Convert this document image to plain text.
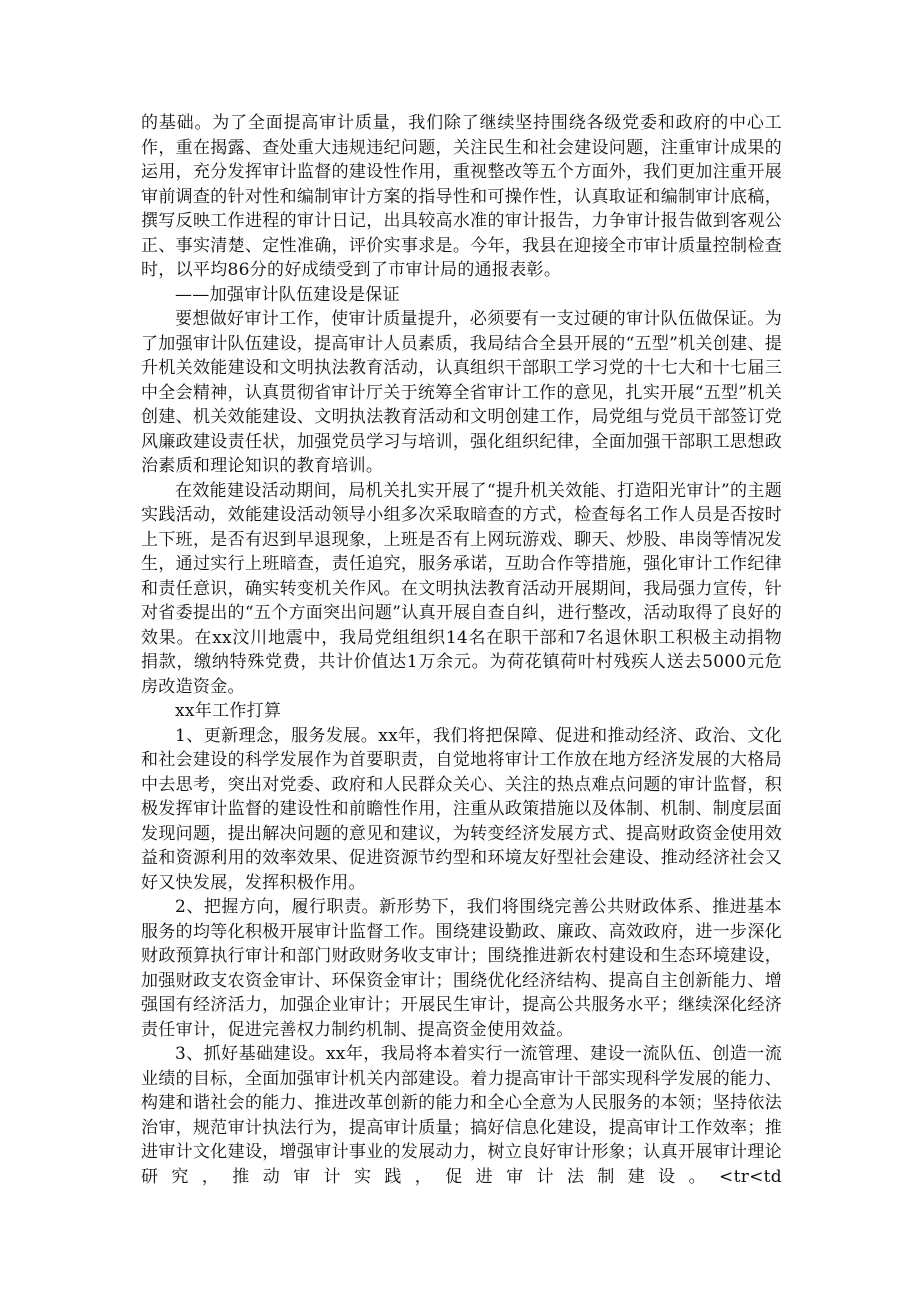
的基础。为了全面提高审计质量，我们除了继续坚持围绕各级党委和政府的中心工作，重在揭露、查处重大违规违纪问题，关注民生和社会建设问题，注重审计成果的运用，充分发挥审计监督的建设性作用，重视整改等五个方面外，我们更加注重开展审前调查的针对性和编制审计方案的指导性和可操作性，认真取证和编制审计底稿，撰写反映工作进程的审计日记，出具较高水准的审计报告，力争审计报告做到客观公正、事实清楚、定性准确，评价实事求是。今年，我县在迎接全市审计质量控制检查时，以平均86分的好成绩受到了市审计局的通报表彰。

——加强审计队伍建设是保证

要想做好审计工作，使审计质量提升，必须要有一支过硬的审计队伍做保证。为了加强审计队伍建设，提高审计人员素质，我局结合全县开展的“五型”机关创建、提升机关效能建设和文明执法教育活动，认真组织干部职工学习党的十七大和十七届三中全会精神，认真贯彻省审计厅关于统筹全省审计工作的意见，扎实开展“五型”机关创建、机关效能建设、文明执法教育活动和文明创建工作，局党组与党员干部签订党风廉政建设责任状，加强党员学习与培训，强化组织纪律，全面加强干部职工思想政治素质和理论知识的教育培训。

在效能建设活动期间，局机关扎实开展了“提升机关效能、打造阳光审计”的主题实践活动，效能建设活动领导小组多次采取暗查的方式，检查每名工作人员是否按时上下班，是否有迟到早退现象，上班是否有上网玩游戏、聊天、炒股、串岗等情况发生，通过实行上班暗查，责任追究，服务承诺，互助合作等措施，强化审计工作纪律和责任意识，确实转变机关作风。在文明执法教育活动开展期间，我局强力宣传，针对省委提出的“五个方面突出问题”认真开展自查自纠，进行整改，活动取得了良好的效果。在xx汶川地震中，我局党组组织14名在职干部和7名退休职工积极主动捐物捐款，缴纳特殊党费，共计价值达1万余元。为荷花镇荷叶村残疾人送去5000元危房改造资金。

xx年工作打算

1、更新理念，服务发展。xx年，我们将把保障、促进和推动经济、政治、文化和社会建设的科学发展作为首要职责，自觉地将审计工作放在地方经济发展的大格局中去思考，突出对党委、政府和人民群众关心、关注的热点难点问题的审计监督，积极发挥审计监督的建设性和前瞻性作用，注重从政策措施以及体制、机制、制度层面发现问题，提出解决问题的意见和建议，为转变经济发展方式、提高财政资金使用效益和资源利用的效率效果、促进资源节约型和环境友好型社会建设、推动经济社会又好又快发展，发挥积极作用。

2、把握方向，履行职责。新形势下，我们将围绕完善公共财政体系、推进基本服务的均等化积极开展审计监督工作。围绕建设勤政、廉政、高效政府，进一步深化财政预算执行审计和部门财政财务收支审计；围绕推进新农村建设和生态环境建设，加强财政支农资金审计、环保资金审计；围绕优化经济结构、提高自主创新能力、增强国有经济活力，加强企业审计；开展民生审计，提高公共服务水平；继续深化经济责任审计，促进完善权力制约机制、提高资金使用效益。

3、抓好基础建设。xx年，我局将本着实行一流管理、建设一流队伍、创造一流业绩的目标，全面加强审计机关内部建设。着力提高审计干部实现科学发展的能力、构建和谐社会的能力、推进改革创新的能力和全心全意为人民服务的本领；坚持依法治审，规范审计执法行为，提高审计质量；搞好信息化建设，提高审计工作效率；推进审计文化建设，增强审计事业的发展动力，树立良好审计形象；认真开展审计理论研究，推动审计实践，促进审计法制建设。<tr<td
